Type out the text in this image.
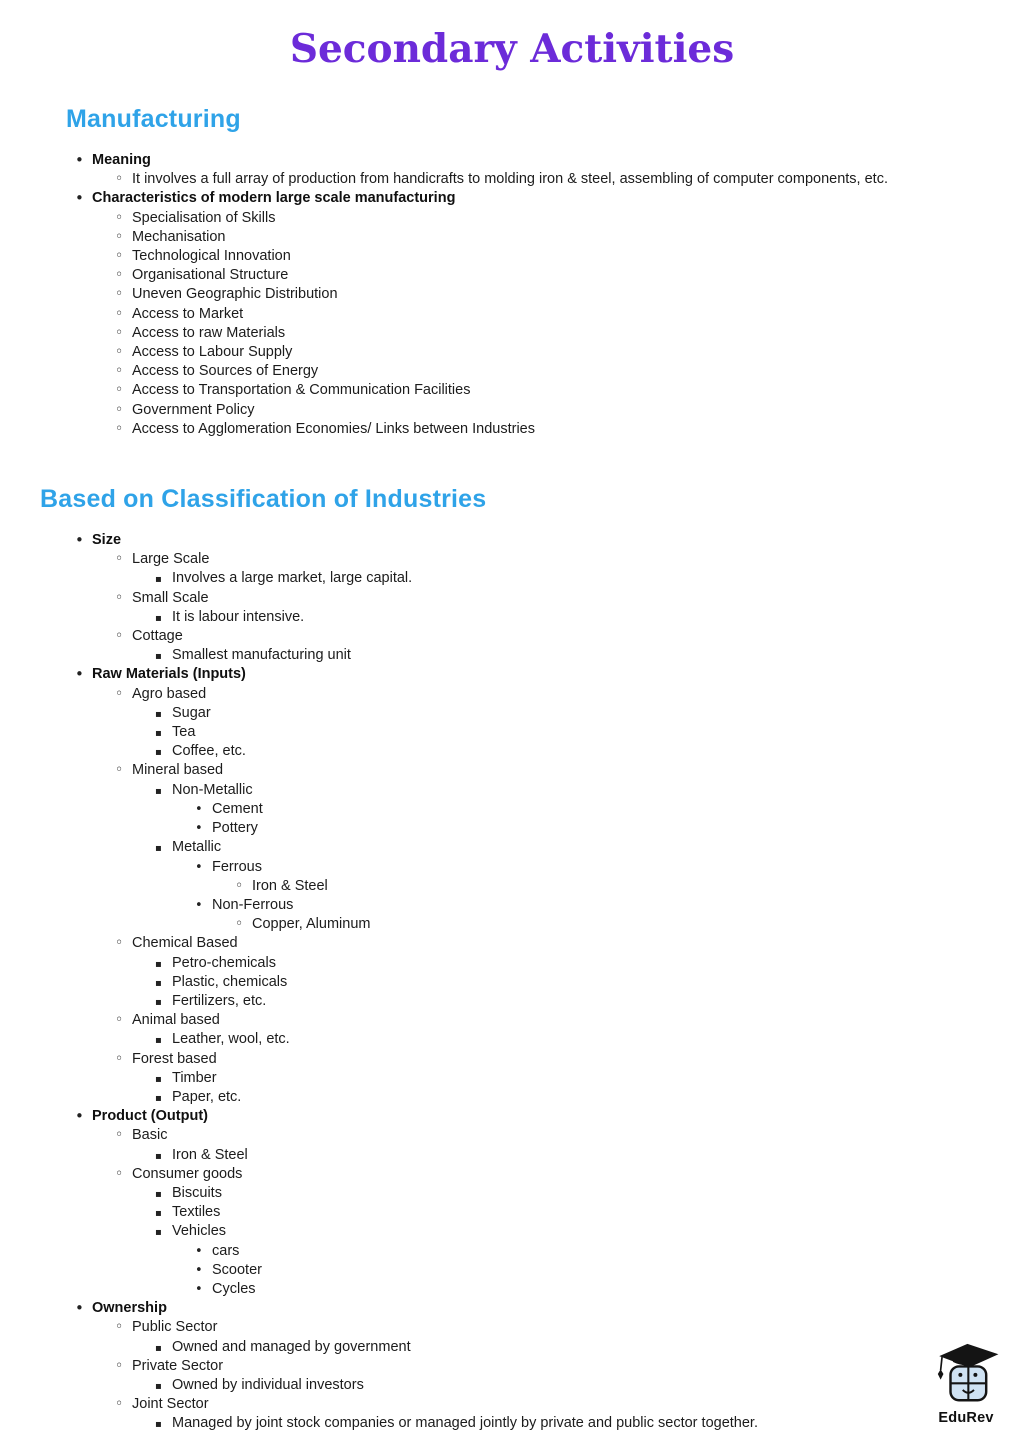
Secondary Activities
Manufacturing
• Meaning
◦ It involves a full array of production from handicrafts to molding iron & steel, assembling of computer components, etc.
• Characteristics of modern large scale manufacturing
◦ Specialisation of Skills
◦ Mechanisation
◦ Technological Innovation
◦ Organisational Structure
◦ Uneven Geographic Distribution
◦ Access to Market
◦ Access to raw Materials
◦ Access to Labour Supply
◦ Access to Sources of Energy
◦ Access to Transportation & Communication Facilities
◦ Government Policy
◦ Access to Agglomeration Economies/ Links between Industries
Based on Classification of Industries
• Size
◦ Large Scale
▪ Involves a large market, large capital.
◦ Small Scale
▪ It is labour intensive.
◦ Cottage
▪ Smallest manufacturing unit
• Raw Materials (Inputs)
◦ Agro based
▪ Sugar
▪ Tea
▪ Coffee, etc.
◦ Mineral based
▪ Non-Metallic
• Cement
• Pottery
▪ Metallic
• Ferrous
◦ Iron & Steel
• Non-Ferrous
◦ Copper, Aluminum
◦ Chemical Based
▪ Petro-chemicals
▪ Plastic, chemicals
▪ Fertilizers, etc.
◦ Animal based
▪ Leather, wool, etc.
◦ Forest based
▪ Timber
▪ Paper, etc.
• Product (Output)
◦ Basic
▪ Iron & Steel
◦ Consumer goods
▪ Biscuits
▪ Textiles
▪ Vehicles
• cars
• Scooter
• Cycles
• Ownership
◦ Public Sector
▪ Owned and managed by government
◦ Private Sector
▪ Owned by individual investors
◦ Joint Sector
▪ Managed by joint stock companies or managed jointly by private and public sector together.	EduRev
